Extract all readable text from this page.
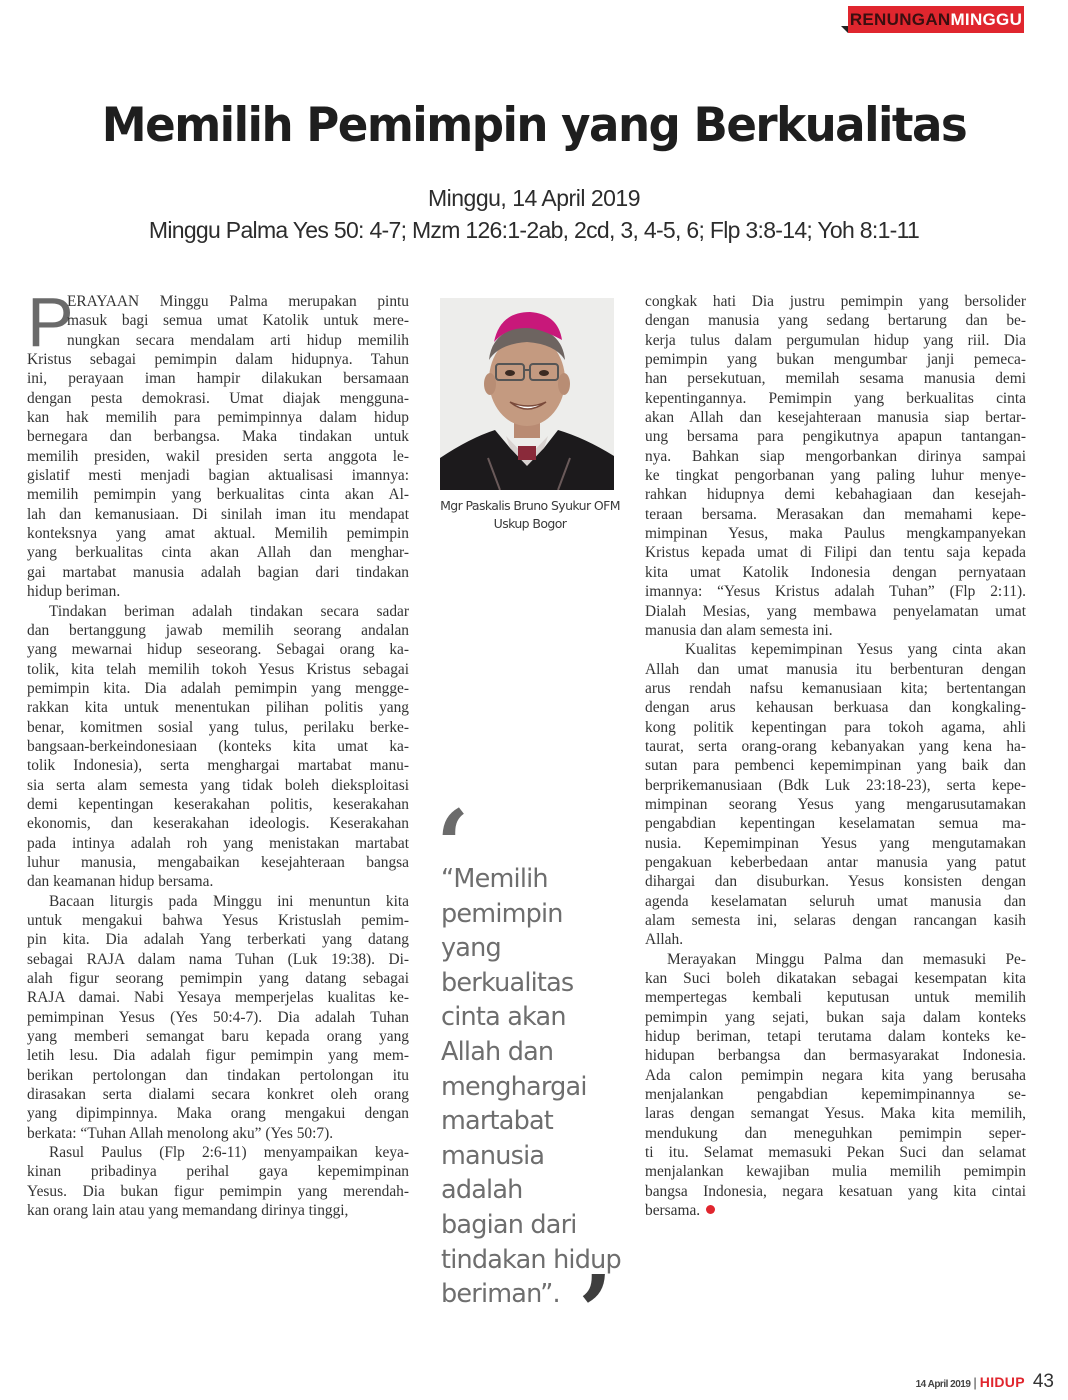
RENUNGAN MINGGU
Memilih Pemimpin yang Berkualitas
Minggu, 14 April 2019
Minggu Palma Yes 50: 4-7; Mzm 126:1-2ab, 2cd, 3, 4-5, 6; Flp 3:8-14; Yoh 8:1-11
P
ERAYAAN Minggu Palma merupakan pintu
masuk bagi semua umat Katolik untuk mere-
nungkan secara mendalam arti hidup memilih
Kristus sebagai pemimpin dalam hidupnya. Tahun
ini, perayaan iman hampir dilakukan bersamaan
dengan pesta demokrasi. Umat diajak mengguna-
kan hak memilih para pemimpinnya dalam hidup
bernegara dan berbangsa. Maka tindakan untuk
memilih presiden, wakil presiden serta anggota le-
gislatif mesti menjadi bagian aktualisasi imannya:
memilih pemimpin yang berkualitas cinta akan Al-
lah dan kemanusiaan. Di sinilah iman itu mendapat
konteksnya yang amat aktual. Memilih pemimpin
yang berkualitas cinta akan Allah dan menghar-
gai martabat manusia adalah bagian dari tindakan
hidup beriman.
Tindakan beriman adalah tindakan secara sadar
dan bertanggung jawab memilih seorang andalan
yang mewarnai hidup seseorang. Sebagai orang ka-
tolik, kita telah memilih tokoh Yesus Kristus sebagai
pemimpin kita. Dia adalah pemimpin yang mengge-
rakkan kita untuk menentukan pilihan politis yang
benar, komitmen sosial yang tulus, perilaku berke-
bangsaan-berkeindonesiaan (konteks kita umat ka-
tolik Indonesia), serta menghargai martabat manu-
sia serta alam semesta yang tidak boleh dieksploitasi
demi kepentingan keserakahan politis, keserakahan
ekonomis, dan keserakahan ideologis. Keserakahan
pada intinya adalah roh yang menistakan martabat
luhur manusia, mengabaikan kesejahteraan bangsa
dan keamanan hidup bersama.
Bacaan liturgis pada Minggu ini menuntun kita
untuk mengakui bahwa Yesus Kristuslah pemim-
pin kita. Dia adalah Yang terberkati yang datang
sebagai RAJA dalam nama Tuhan (Luk 19:38). Di-
alah figur seorang pemimpin yang datang sebagai
RAJA damai. Nabi Yesaya memperjelas kualitas ke-
pemimpinan Yesus (Yes 50:4-7). Dia adalah Tuhan
yang memberi semangat baru kepada orang yang
letih lesu. Dia adalah figur pemimpin yang mem-
berikan pertolongan dan tindakan pertolongan itu
dirasakan serta dialami secara konkret oleh orang
yang dipimpinnya. Maka orang mengakui dengan
berkata: “Tuhan Allah menolong aku” (Yes 50:7).
Rasul Paulus (Flp 2:6-11) menyampaikan keya-
kinan pribadinya perihal gaya kepemimpinan
Yesus. Dia bukan figur pemimpin yang merendah-
kan orang lain atau yang memandang dirinya tinggi,
Mgr Paskalis Bruno Syukur OFM
Uskup Bogor
‘
“Memilih
pemimpin
yang
berkualitas
cinta akan
Allah dan
menghargai
martabat
manusia
adalah
bagian dari
tindakan hidup
beriman”. ’
congkak hati Dia justru pemimpin yang bersolider
dengan manusia yang sedang bertarung dan be-
kerja tulus dalam pergumulan hidup yang riil. Dia
pemimpin yang bukan mengumbar janji pemeca-
han persekutuan, memilah sesama manusia demi
kepentingannya. Pemimpin yang berkualitas cinta
akan Allah dan kesejahteraan manusia siap bertar-
ung bersama para pengikutnya apapun tantangan-
nya. Bahkan siap mengorbankan dirinya sampai
ke tingkat pengorbanan yang paling luhur menye-
rahkan hidupnya demi kebahagiaan dan kesejah-
teraan bersama. Merasakan dan memahami kepe-
mimpinan Yesus, maka Paulus mengkampanyekan
Kristus kepada umat di Filipi dan tentu saja kepada
kita umat Katolik Indonesia dengan pernyataan
imannya: “Yesus Kristus adalah Tuhan” (Flp 2:11).
Dialah Mesias, yang membawa penyelamatan umat
manusia dan alam semesta ini.
Kualitas kepemimpinan Yesus yang cinta akan
Allah dan umat manusia itu berbenturan dengan
arus rendah nafsu kemanusiaan kita; bertentangan
dengan arus kehausan berkuasa dan kongkaling-
kong politik kepentingan para tokoh agama, ahli
taurat, serta orang-orang kebanyakan yang kena ha-
sutan para pembenci kepemimpinan yang baik dan
berprikemanusiaan (Bdk Luk 23:18-23), serta kepe-
mimpinan seorang Yesus yang mengarusutamakan
pengabdian kepentingan keselamatan semua ma-
nusia. Kepemimpinan Yesus yang mengutamakan
pengakuan keberbedaan antar manusia yang patut
dihargai dan disuburkan. Yesus konsisten dengan
agenda keselamatan seluruh umat manusia dan
alam semesta ini, selaras dengan rancangan kasih
Allah.
Merayakan Minggu Palma dan memasuki Pe-
kan Suci boleh dikatakan sebagai kesempatan kita
mempertegas kembali keputusan untuk memilih
pemimpin yang sejati, bukan saja dalam konteks
hidup beriman, tetapi terutama dalam konteks ke-
hidupan berbangsa dan bermasyarakat Indonesia.
Ada calon pemimpin negara kita yang berusaha
menjalankan pengabdian kepemimpinannya se-
laras dengan semangat Yesus. Maka kita memilih,
mendukung dan meneguhkan pemimpin seper-
ti itu. Selamat memasuki Pekan Suci dan selamat
menjalankan kewajiban mulia memilih pemimpin
bangsa Indonesia, negara kesatuan yang kita cintai
bersama.
14 April 2019 | HIDUP 43
